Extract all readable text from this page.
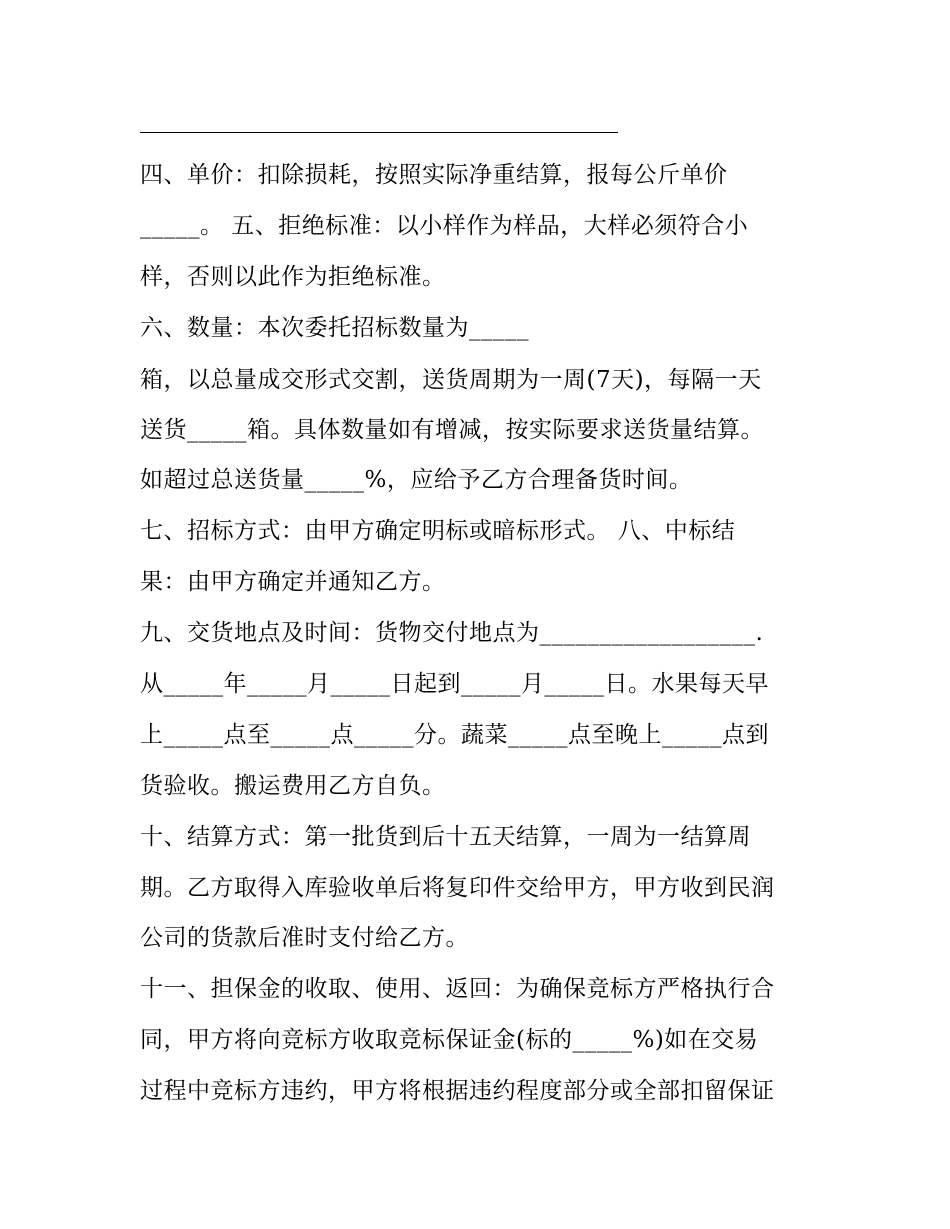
四、单价：扣除损耗，按照实际净重结算，报每公斤单价
_____。 五、拒绝标准：以小样作为样品，大样必须符合小
样，否则以此作为拒绝标准。
六、数量：本次委托招标数量为_____
箱，以总量成交形式交割，送货周期为一周(7天)，每隔一天
送货_____箱。具体数量如有增减，按实际要求送货量结算。
如超过总送货量_____%，应给予乙方合理备货时间。
七、招标方式：由甲方确定明标或暗标形式。 八、中标结
果：由甲方确定并通知乙方。
九、交货地点及时间：货物交付地点为__________________.
从_____年_____月_____日起到_____月_____日。水果每天早
上_____点至_____点_____分。蔬菜_____点至晚上_____点到
货验收。搬运费用乙方自负。
十、结算方式：第一批货到后十五天结算，一周为一结算周
期。乙方取得入库验收单后将复印件交给甲方，甲方收到民润
公司的货款后准时支付给乙方。
十一、担保金的收取、使用、返回：为确保竞标方严格执行合
同，甲方将向竞标方收取竞标保证金(标的_____%)如在交易
过程中竞标方违约，甲方将根据违约程度部分或全部扣留保证
